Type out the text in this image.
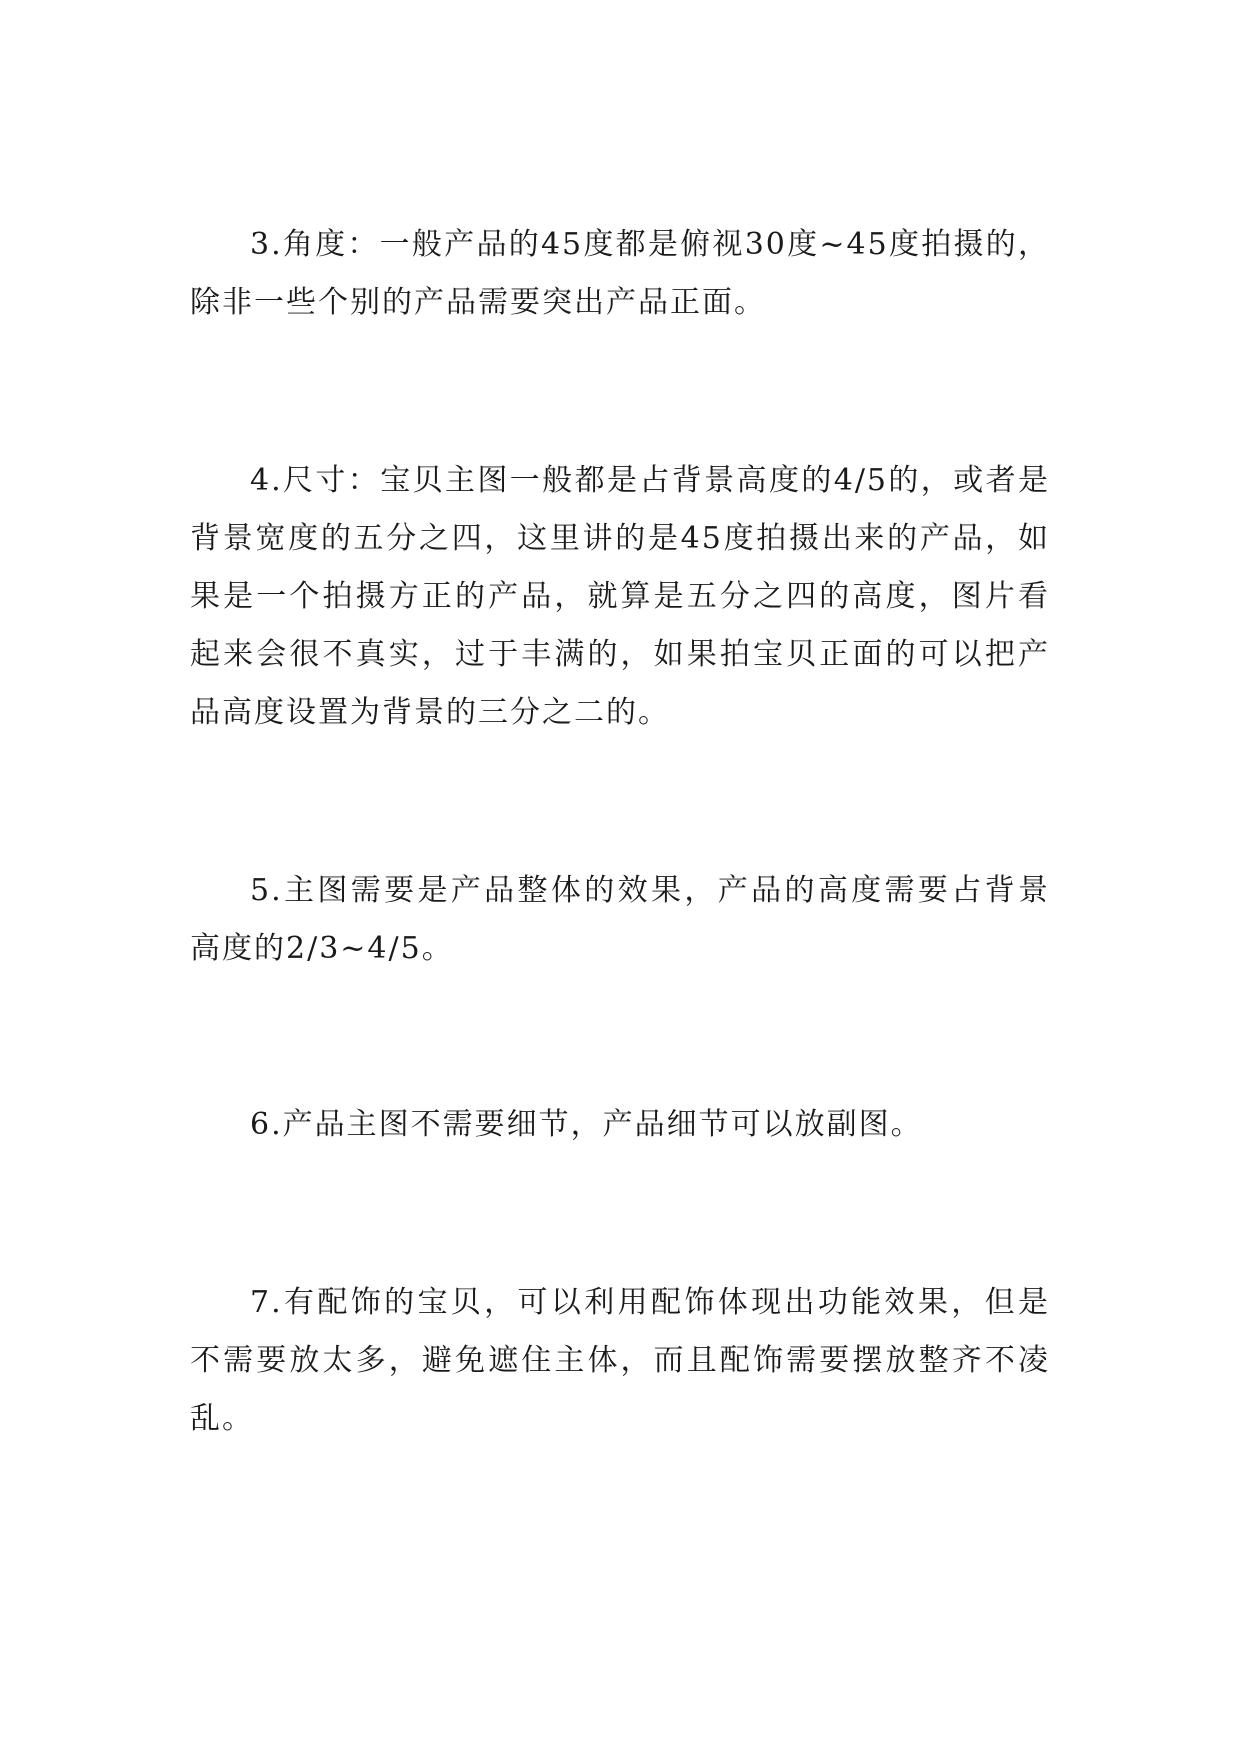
3.角度：一般产品的45度都是俯视30度~45度拍摄的，除非一些个别的产品需要突出产品正面。

4.尺寸：宝贝主图一般都是占背景高度的4/5的，或者是背景宽度的五分之四，这里讲的是45度拍摄出来的产品，如果是一个拍摄方正的产品，就算是五分之四的高度，图片看起来会很不真实，过于丰满的，如果拍宝贝正面的可以把产品高度设置为背景的三分之二的。

5.主图需要是产品整体的效果，产品的高度需要占背景高度的2/3~4/5。

6.产品主图不需要细节，产品细节可以放副图。

7.有配饰的宝贝，可以利用配饰体现出功能效果，但是不需要放太多，避免遮住主体，而且配饰需要摆放整齐不凌乱。
